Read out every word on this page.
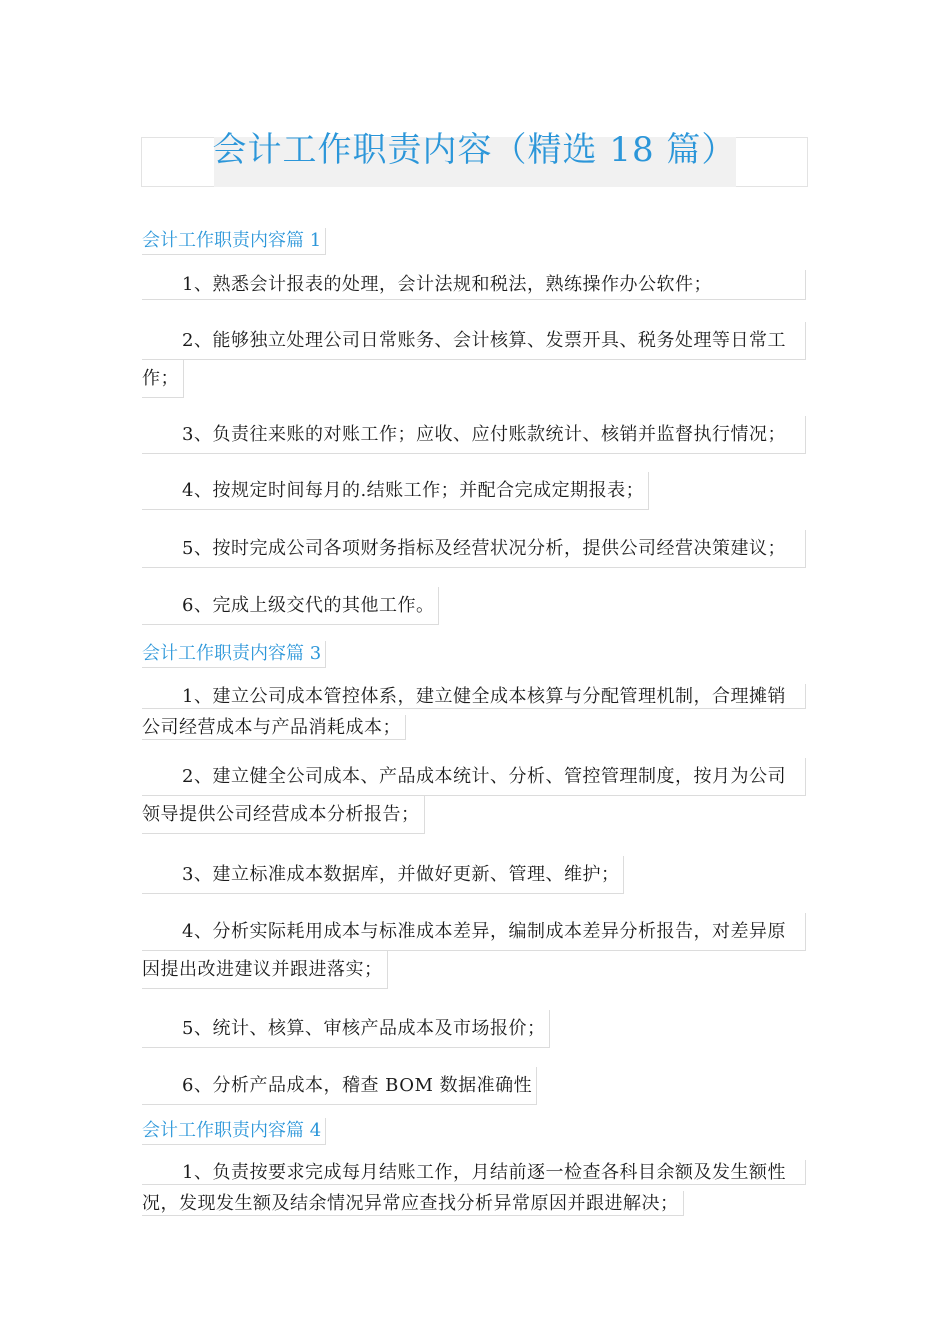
会计工作职责内容（精选 18 篇）
会计工作职责内容篇 1
1、熟悉会计报表的处理，会计法规和税法，熟练操作办公软件；
2、能够独立处理公司日常账务、会计核算、发票开具、税务处理等日常工
作；
3、负责往来账的对账工作；应收、应付账款统计、核销并监督执行情况；
4、按规定时间每月的.结账工作；并配合完成定期报表；
5、按时完成公司各项财务指标及经营状况分析，提供公司经营决策建议；
6、完成上级交代的其他工作。
会计工作职责内容篇 3
1、建立公司成本管控体系，建立健全成本核算与分配管理机制，合理摊销
公司经营成本与产品消耗成本；
2、建立健全公司成本、产品成本统计、分析、管控管理制度，按月为公司
领导提供公司经营成本分析报告；
3、建立标准成本数据库，并做好更新、管理、维护；
4、分析实际耗用成本与标准成本差异，编制成本差异分析报告，对差异原
因提出改进建议并跟进落实；
5、统计、核算、审核产品成本及市场报价；
6、分析产品成本，稽查 BOM 数据准确性
会计工作职责内容篇 4
1、负责按要求完成每月结账工作，月结前逐一检查各科目余额及发生额性
况，发现发生额及结余情况异常应查找分析异常原因并跟进解决；
